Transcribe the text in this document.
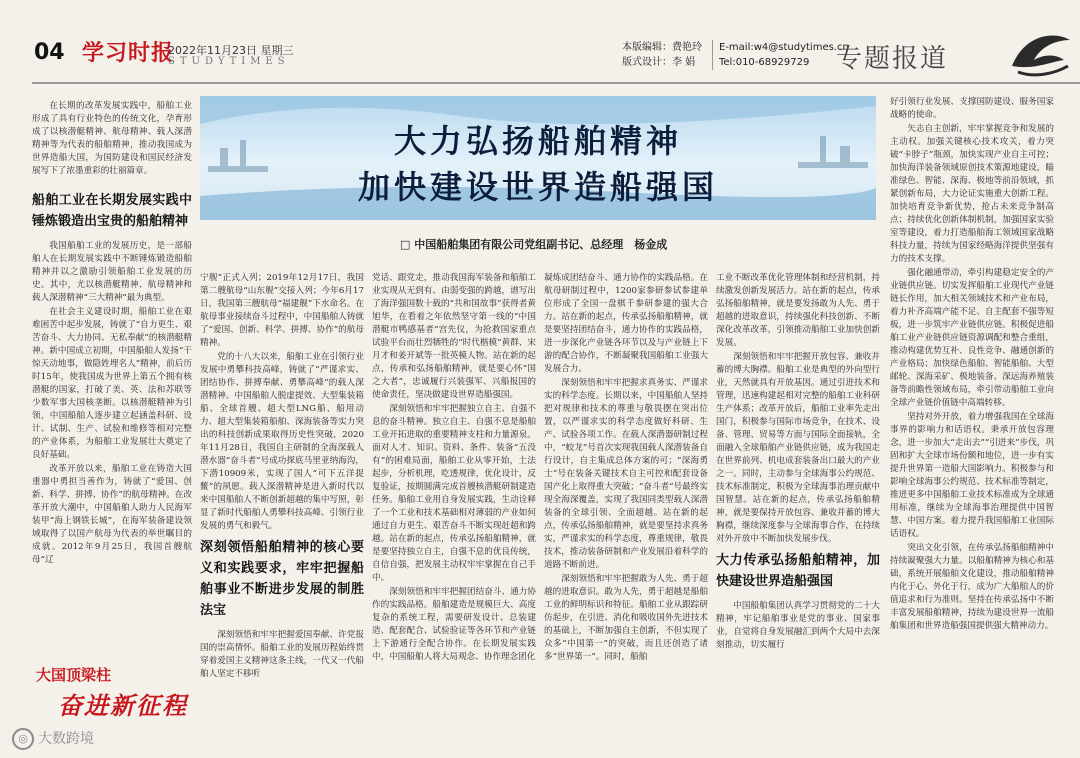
04 学习时报
2022年11月23日 星期三
STUDYTIMES
本版编辑：费艳玲
版式设计：李 娟
E-mail:w4@studytimes.cn
Tel:010-68929729	专题报道
大力弘扬船舶精神
加快建设世界造船强国
□ 中国船舶集团有限公司党组副书记、总经理　杨金成

在长期的改革发展实践中，船舶工业形成了具有行业特色的传统文化，孕育形成了以核潜艇精神、航母精神、载人深潜精神等为代表的船舶精神，推动我国成为世界造船大国，为国防建设和国民经济发展写下了浓墨重彩的壮丽篇章。

船舶工业在长期发展实践中锤炼锻造出宝贵的船舶精神

我国船舶工业的发展历史，是一部船舶人在长期发展实践中不断锤炼锻造船舶精神并以之激励引领船舶工业发展的历史。其中，尤以核潜艇精神、航母精神和载人深潜精神“三大精神”最为典型。

在社会主义建设时期，船舶工业在艰难困苦中起步发展，铸就了“自力更生、艰苦奋斗、大力协同、无私奉献”的核潜艇精神。新中国成立初期，中国船舶人发扬“干惊天动地事，做隐姓埋名人”精神，前后历时15年，使我国成为世界上第五个拥有核潜艇的国家，打破了美、英、法和苏联等少数军事大国核垄断。以核潜艇精神为引领，中国船舶人逐步建立起涵盖科研、设计、试制、生产、试验和维修等相对完整的产业体系，为船舶工业发展壮大奠定了良好基础。

改革开放以来，船舶工业在铸造大国重器中勇担当善作为，铸就了“爱国、创新、科学、拼搏、协作”的航母精神。在改革开放大潮中，中国船舶人助力人民海军装甲“海上钢铁长城”，在海军装备建设领域取得了以国产航母为代表的举世瞩目的成就。2012年9月25日，我国首艘航母“辽

宁舰”正式入列；2019年12月17日，我国第二艘航母“山东舰”交接入列；今年6月17日，我国第三艘航母“福建舰”下水命名。在航母事业接续奋斗过程中，中国船舶人铸就了“爱国、创新、科学、拼搏、协作”的航母精神。

党的十八大以来，船舶工业在引领行业发展中勇攀科技高峰，铸就了“严谨求实、团结协作、拼搏奉献、勇攀高峰”的载人深潜精神。中国船舶人脱虚提效、大型集装箱船、全球首艘、超大型LNG船、船用动力、超大型集装箱船舶、深海装备等实力突出的科技创新成果取得历史性突破，2020年11月28日，我国自主研制的全海深载人潜水器“奋斗者”号成功探底马里亚纳海沟，下潜10909米，实现了国人“可下五洋捉鳖”的夙愿。载人深潜精神是进入新时代以来中国船舶人不断创新超越的集中写照，彰显了新时代船舶人勇攀科技高峰、引领行业发展的勇气和毅气。

深刻领悟船舶精神的核心要义和实践要求，牢牢把握船舶事业不断进步发展的制胜法宝

深刻领悟和牢牢把握爱国奉献、许党报国的崇高情怀。船舶工业的发展历程始终贯穿着爱国主义精神这条主线，一代又一代船舶人坚定不移听

党话、跟党走，推动我国海军装备和船舶工业实现从无到有、由弱变强的跨越，谱写出了海洋强国数十载的“共和国故事”获得者黄旭华，在看着之年依然坚守第一线的“中国潜艇市鸭感基者”宫先仪，为抢救国家重点试验平台而壮烈牺牲的“时代楷模”黄群、宋月才和姜开斌等一批英模人物。站在新的起点，传承和弘扬船舶精神，就是要心怀“国之大者”，忠诚履行兴装强军、兴船报国的使命责任，坚决做建设世界造船强国。

深刻领悟和牢牢把握独立自主、自强不息的奋斗精神。独立自主、自强不息是船舶工业开拓进取的重要精神支柱和力量源泉。面对人才、知识、资料、条件、装备“五没有”的困难局面，船舶工业从零开始，土法起步，分析机理，吃透规律，优化设计，反复验证，按期圆满完成首艘核潜艇研制建造任务。船舶工业用自身发展实践，生动诠释了一个工业和技术基础相对薄弱的产业如何通过自力更生、艰苦奋斗不断实现赶超和跨越。站在新的起点，传承弘扬船舶精神，就是要坚持独立自主，自强不息的优良传统，自信自强，把发展主动权牢牢掌握在自己手中。

深刻领悟和牢牢把握团结奋斗、通力协作的实践品格。船舶建造是规模巨大、高度复杂的系统工程，需要研发设计、总装建造、配套配合、试验验证等各环节和产业链上下游通行全配合协作。在长期发展实践中，中国船舶人将大局观念、协作理念团化

凝炼成团结奋斗、通力协作的实践品格。在航母研制过程中，1200家参研参试参建单位形成了全国一盘棋千参研参建的强大合力。站在新的起点，传承弘扬船舶精神，就是要坚持团结奋斗，通力协作的实践品格，进一步深化产业链各环节以及与产业链上下游的配合协作，不断凝聚我国船舶工业强大发展合力。

深刻领悟和牢牢把握求真务实、严谨求实的科学态度。长期以来，中国船舶人坚持把对规律和技术的尊重与敬畏摆在突出位置，以严谨求实的科学态度做好科研、生产、试验各项工作。在载人深潜器研制过程中，“蛟龙”号首次实现我国载人深潜装备自行设计，自主集成总体方案的可；“深海勇士”号在装备关键技术自主可控和配套设备国产化上取得重大突破；“奋斗者”号最终实现全海深覆盖，实现了我国同类型载人深潜装备的全球引领、全面超越。站在新的起点，传承弘扬船舶精神，就是要坚持求真务实，严谨求实的科学态度，尊重规律，敬畏技术，推动装备研制和产业发展沿着科学的道路不断前进。

深刻领悟和牢牢把握敢为人先、勇于超越的进取意识。敢为人先，勇于超越是船舶工业的鲜明标识和特征。船舶工业从跟踪研仿起步，在引进、消化和吸收国外先进技术的基础上，不断加强自主创新，不但实现了众多“中国第一”的突破，而且还创造了诸多“世界第一”。同时，船舶

工业不断改革优化管理体制和经营机制，持续激发创新发展活力。站在新的起点，传承弘扬船舶精神，就是要发扬敢为人先、勇于超越的进取意识，持续强化科技创新、不断深化改革改革，引领推动船舶工业加快创新发展。

深刻领悟和牢牢把握开放包容、兼收并蓄的博大胸襟。船舶工业是典型的外向型行业，天然就具有开放基因。通过引进技术和管理，迅速构建起相对完整的船舶工业科研生产体系；改革开放后，船舶工业率先走出国门，积极参与国际市场竞争，在技术、设备、管理、贸易等方面与国际全面接轨，全面融入全球船舶产业链供应链，成为我国走在世界前列、机电成套装备出口最大的产业之一。同时，主动参与全球海事公约规范、技术标准制定，积极为全球海事治理贡献中国智慧。站在新的起点，传承弘扬船舶精神，就是要保持开放包容、兼收并蓄的博大胸襟，继续深度参与全球海事合作，在持续对外开放中不断加快发展步伐。

大力传承弘扬船舶精神，加快建设世界造船强国

中国船舶集团认真学习贯彻党的二十大精神，牢记船舶事业是党的事业、国家事业，自觉将自身发展融汇到两个大局中去深刻推动，切实履行

好引领行业发展、支撑国防建设、服务国家战略的使命。

矢志自主创新，牢牢掌握竞争和发展的主动权。加强关键核心技术攻关，着力突破“卡脖子”瓶颈，加快实现产业自主可控；加快海洋装备领域原创技术策源地建设，瞄准绿色、智能、深海、极地等前沿领域，抓紧创新布局，大力论证实施重大创新工程。加快培育竞争新优势，抢占未来竞争制高点；持续优化创新体制机制，加强国家实验室等建设，着力打造船舶海工领域国家战略科技力量，持续为国家经略海洋提供坚强有力的技术支撑。

强化融通带动，牵引构建稳定安全的产业链供应链。切实发挥船舶工业现代产业链链长作用，加大相关领域技术和产业布局，着力补齐高端产能不足、自主配套不强等短板，进一步筑牢产业链供应链。积极促进船舶工业产业链供应链资源调配和整合重组，推动构建优势互补、良性竞争、融通创新的产业格局；加快绿色船舶、智能船舶、大型邮轮、深海采矿、极地装备、深远海养殖装备等前瞻性领域布局，牵引带动船舶工业向全球产业链价值链中高端转移。

坚持对外开放，着力增强我国在全球海事界的影响力和话语权。秉承开放包容理念，进一步加大“走出去”“引进来”步伐，巩固和扩大全球市场份额和地位，进一步有实提升世界第一造船大国影响力。积极参与和影响全球海事公约规范、技术标准等制定，推进更多中国船舶工业技术标准成为全球通用标准，继续为全球海事治理提供中国智慧、中国方案。着力提升我国船舶工业国际话语权。

突出文化引领，在传承弘扬船舶精神中持续凝聚强大力量。以船舶精神为核心和基础，系统开展船舶文化建设，推动船舶精神内化于心、外化于行，成为广大船舶人的价值追求和行为准则。坚持在传承弘扬中不断丰富发展船舶精神，持续为建设世界一流船舶集团和世界造船强国提供强大精神动力。

大国顶梁柱
奋进新征程
◎ 大数跨境
